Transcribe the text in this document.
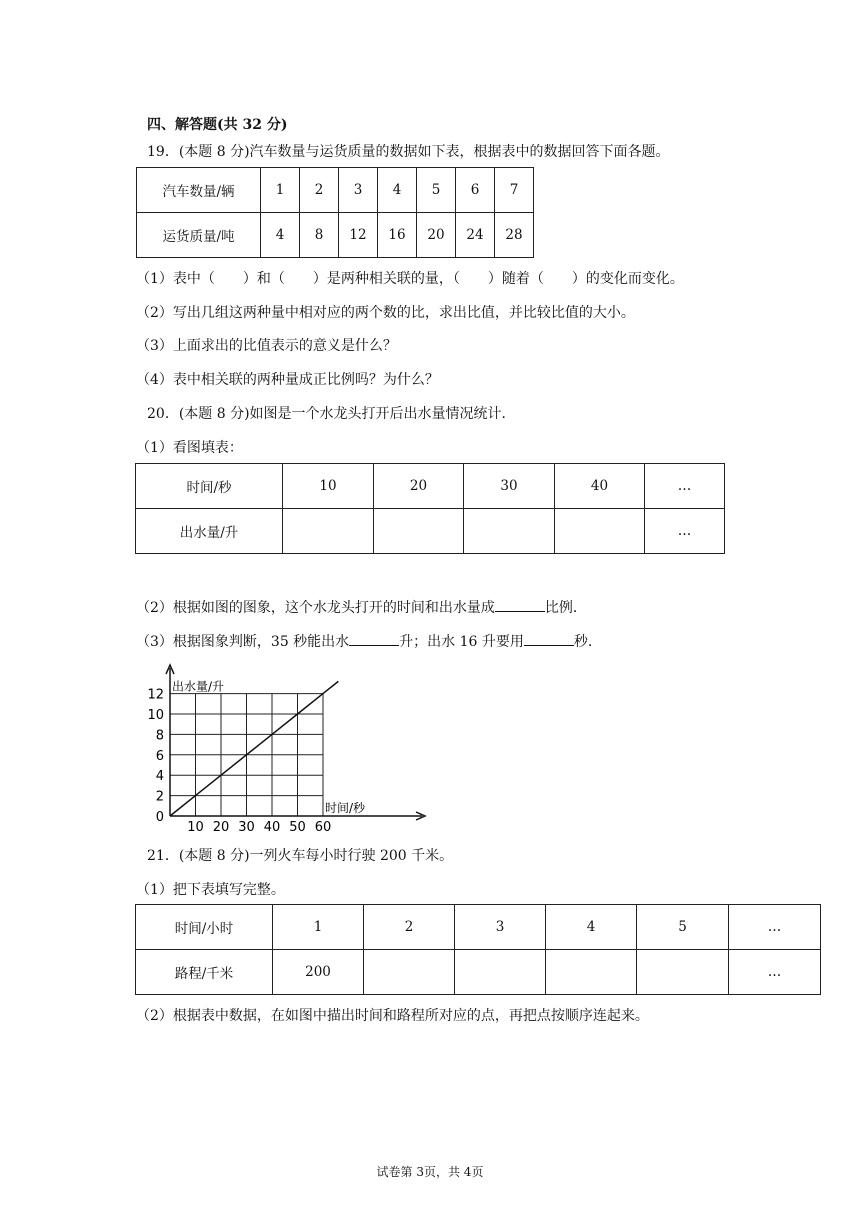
四、解答题(共 32 分)
19．(本题 8 分)汽车数量与运货质量的数据如下表，根据表中的数据回答下面各题。
汽车数量/辆	1	2	3	4	5	6	7
运货质量/吨	4	8	12	16	20	24	28
（1）表中（　　）和（　　）是两种相关联的量，（　　）随着（　　）的变化而变化。
（2）写出几组这两种量中相对应的两个数的比，求出比值，并比较比值的大小。
（3）上面求出的比值表示的意义是什么？
（4）表中相关联的两种量成正比例吗？为什么？
20．(本题 8 分)如图是一个水龙头打开后出水量情况统计．
（1）看图填表：
时间/秒	10	20	30	40	…
出水量/升					…
（2）根据如图的图象，这个水龙头打开的时间和出水量成	比例．
（3）根据图象判断，35 秒能出水	升；出水 16 升要用	秒．
0
2
4
6
8
10
12
10 20 30 40 50 60
出水量/升
时间/秒
21．(本题 8 分)一列火车每小时行驶 200 千米。
（1）把下表填写完整。
时间/小时	1	2	3	4	5	…
路程/千米	200					…
（2）根据表中数据，在如图中描出时间和路程所对应的点，再把点按顺序连起来。
试卷第 3页，共 4页
